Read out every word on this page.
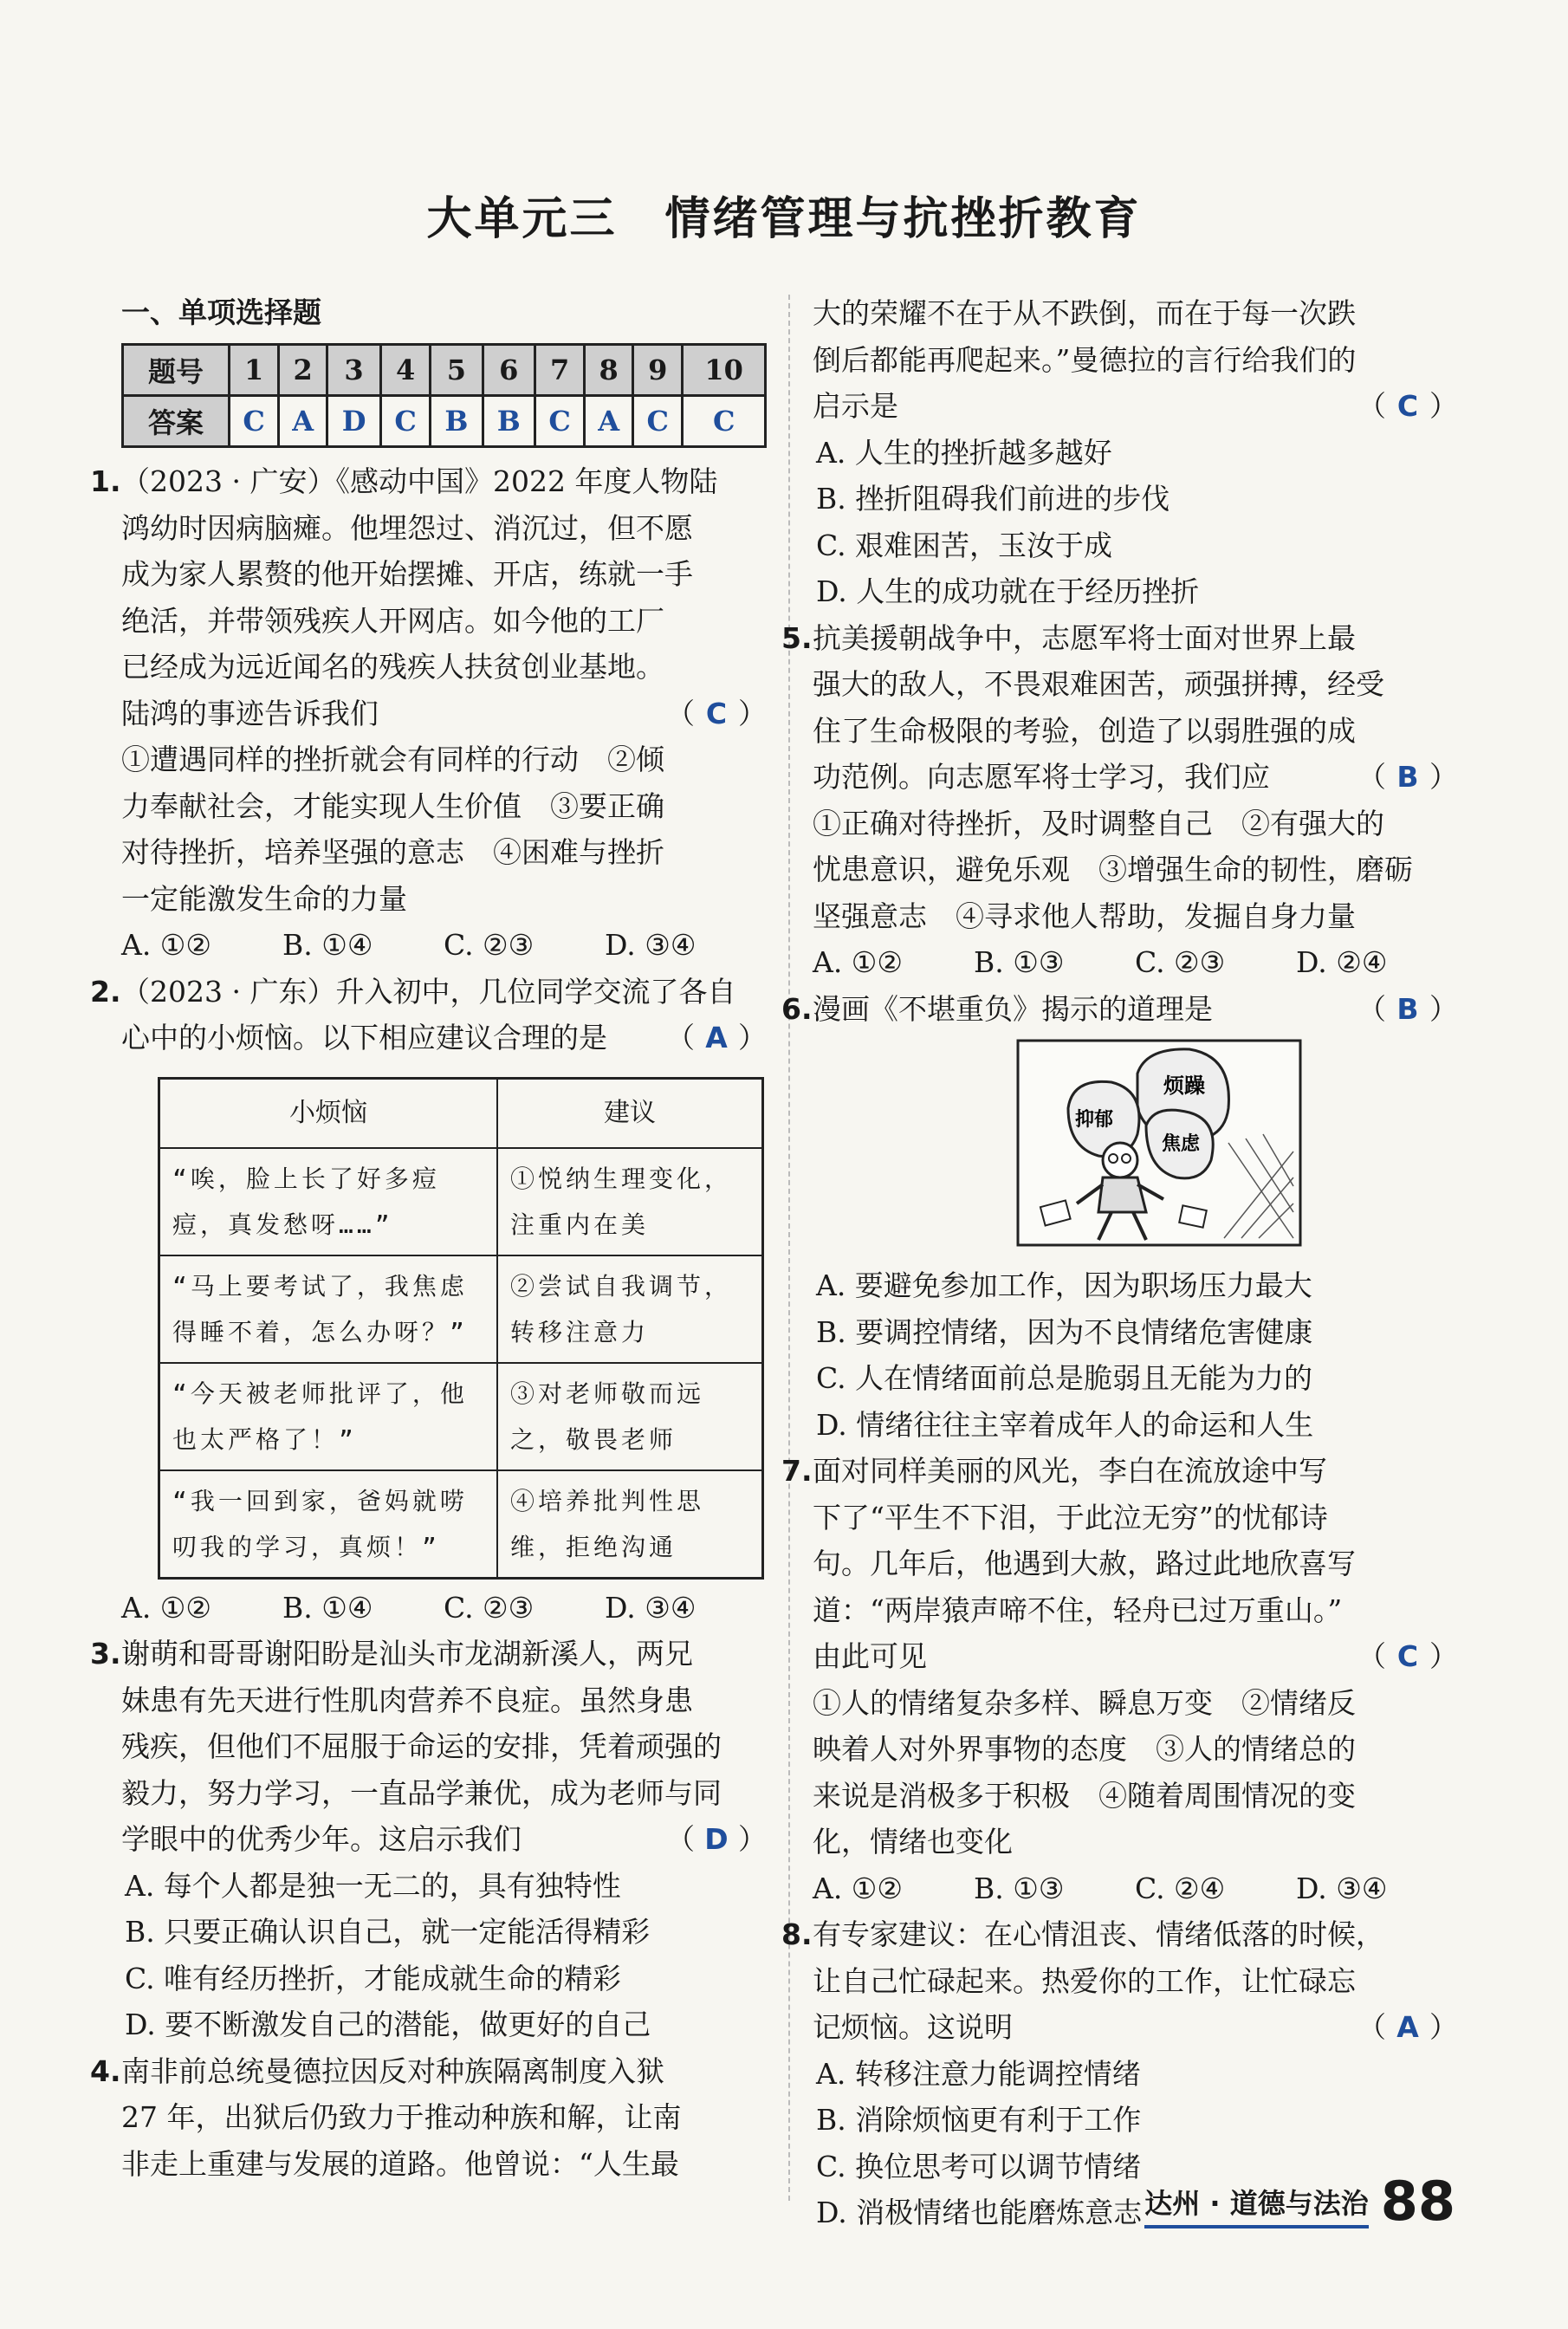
大单元三　情绪管理与抗挫折教育
一、单项选择题
题号	1	2	3	4	5	6	7	8	9	10
答案	C	A	D	C	B	B	C	A	C	C
1. （2023 · 广安）《感动中国》2022 年度人物陆
鸿幼时因病脑瘫。他埋怨过、消沉过，但不愿
成为家人累赘的他开始摆摊、开店，练就一手
绝活，并带领残疾人开网店。如今他的工厂
已经成为远近闻名的残疾人扶贫创业基地。
陆鸿的事迹告诉我们	（ C ）
①遭遇同样的挫折就会有同样的行动　②倾
力奉献社会，才能实现人生价值　③要正确
对待挫折，培养坚强的意志　④困难与挫折
一定能激发生命的力量
A. ①②	B. ①④	C. ②③	D. ③④
2. （2023 · 广东）升入初中，几位同学交流了各自
心中的小烦恼。以下相应建议合理的是 （ A ）
小烦恼	建议
“唉，脸上长了好多痘痘，真发愁呀……”	①悦纳生理变化，注重内在美
“马上要考试了，我焦虑得睡不着，怎么办呀？”	②尝试自我调节，转移注意力
“今天被老师批评了，他也太严格了！”	③对老师敬而远之，敬畏老师
“我一回到家，爸妈就唠叨我的学习，真烦！”	④培养批判性思维，拒绝沟通
A. ①②	B. ①④	C. ②③	D. ③④
3. 谢萌和哥哥谢阳盼是汕头市龙湖新溪人，两兄
妹患有先天进行性肌肉营养不良症。虽然身患
残疾，但他们不屈服于命运的安排，凭着顽强的
毅力，努力学习，一直品学兼优，成为老师与同
学眼中的优秀少年。这启示我们	（ D ）
A. 每个人都是独一无二的，具有独特性
B. 只要正确认识自己，就一定能活得精彩
C. 唯有经历挫折，才能成就生命的精彩
D. 要不断激发自己的潜能，做更好的自己
4. 南非前总统曼德拉因反对种族隔离制度入狱
27 年，出狱后仍致力于推动种族和解，让南
非走上重建与发展的道路。他曾说：“人生最
大的荣耀不在于从不跌倒，而在于每一次跌
倒后都能再爬起来。”曼德拉的言行给我们的
启示是	（ C ）
A. 人生的挫折越多越好
B. 挫折阻碍我们前进的步伐
C. 艰难困苦，玉汝于成
D. 人生的成功就在于经历挫折
5. 抗美援朝战争中，志愿军将士面对世界上最
强大的敌人，不畏艰难困苦，顽强拼搏，经受
住了生命极限的考验，创造了以弱胜强的成
功范例。向志愿军将士学习，我们应	（ B ）
①正确对待挫折，及时调整自己　②有强大的
忧患意识，避免乐观　③增强生命的韧性，磨砺
坚强意志　④寻求他人帮助，发掘自身力量
A. ①②	B. ①③	C. ②③	D. ②④
6. 漫画《不堪重负》揭示的道理是	（ B ）
烦躁
抑郁
焦虑
A. 要避免参加工作，因为职场压力最大
B. 要调控情绪，因为不良情绪危害健康
C. 人在情绪面前总是脆弱且无能为力的
D. 情绪往往主宰着成年人的命运和人生
7. 面对同样美丽的风光，李白在流放途中写
下了“平生不下泪，于此泣无穷”的忧郁诗
句。几年后，他遇到大赦，路过此地欣喜写
道：“两岸猿声啼不住，轻舟已过万重山。”
由此可见	（ C ）
①人的情绪复杂多样、瞬息万变　②情绪反
映着人对外界事物的态度　③人的情绪总的
来说是消极多于积极　④随着周围情况的变
化，情绪也变化
A. ①②	B. ①③	C. ②④	D. ③④
8. 有专家建议：在心情沮丧、情绪低落的时候，
让自己忙碌起来。热爱你的工作，让忙碌忘
记烦恼。这说明	（ A ）
A. 转移注意力能调控情绪
B. 消除烦恼更有利于工作
C. 换位思考可以调节情绪
D. 消极情绪也能磨炼意志 达州 · 道德与法治 88
